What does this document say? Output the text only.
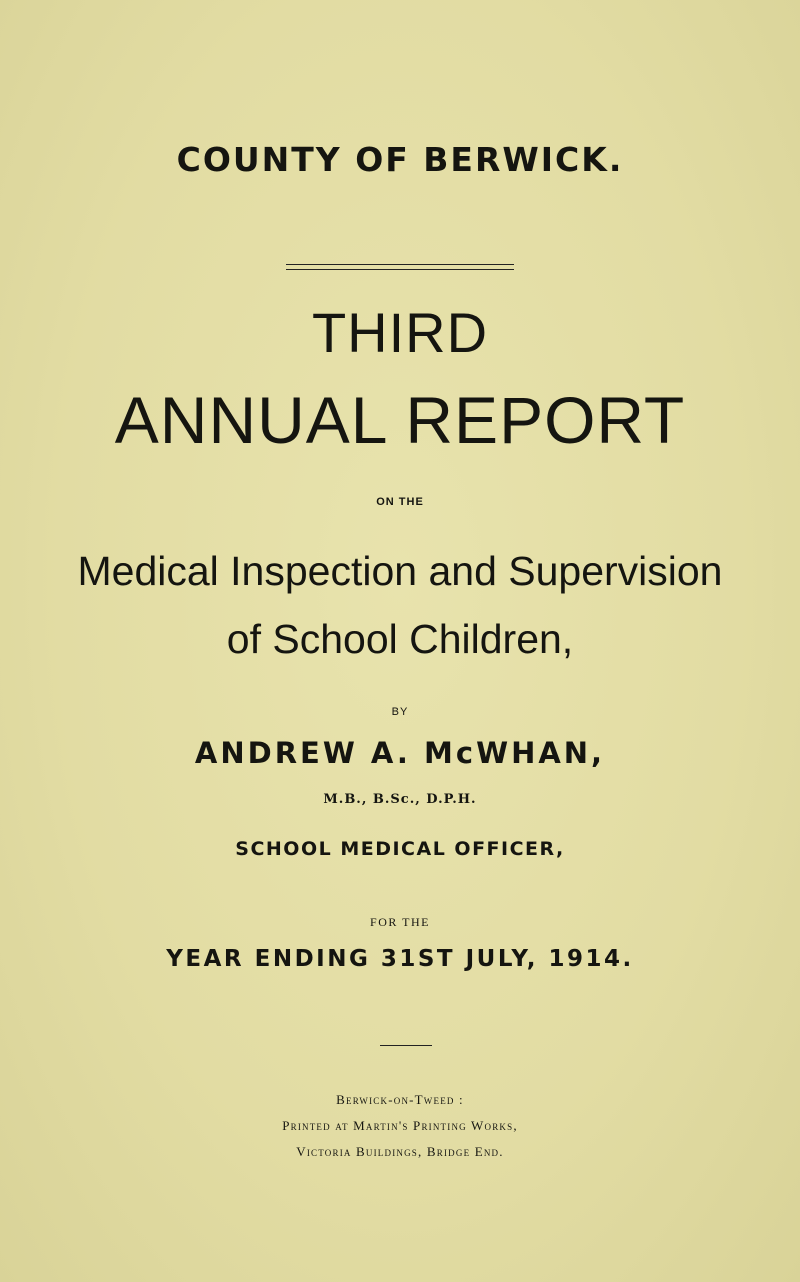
COUNTY OF BERWICK.
THIRD
ANNUAL REPORT
ON THE
Medical Inspection and Supervision
of School Children,
BY
ANDREW A. McWHAN,
M.B., B.Sc., D.P.H.
SCHOOL MEDICAL OFFICER,
FOR THE
YEAR ENDING 31ST JULY, 1914.
Berwick-on-Tweed :
Printed at Martin's Printing Works,
Victoria Buildings, Bridge End.
